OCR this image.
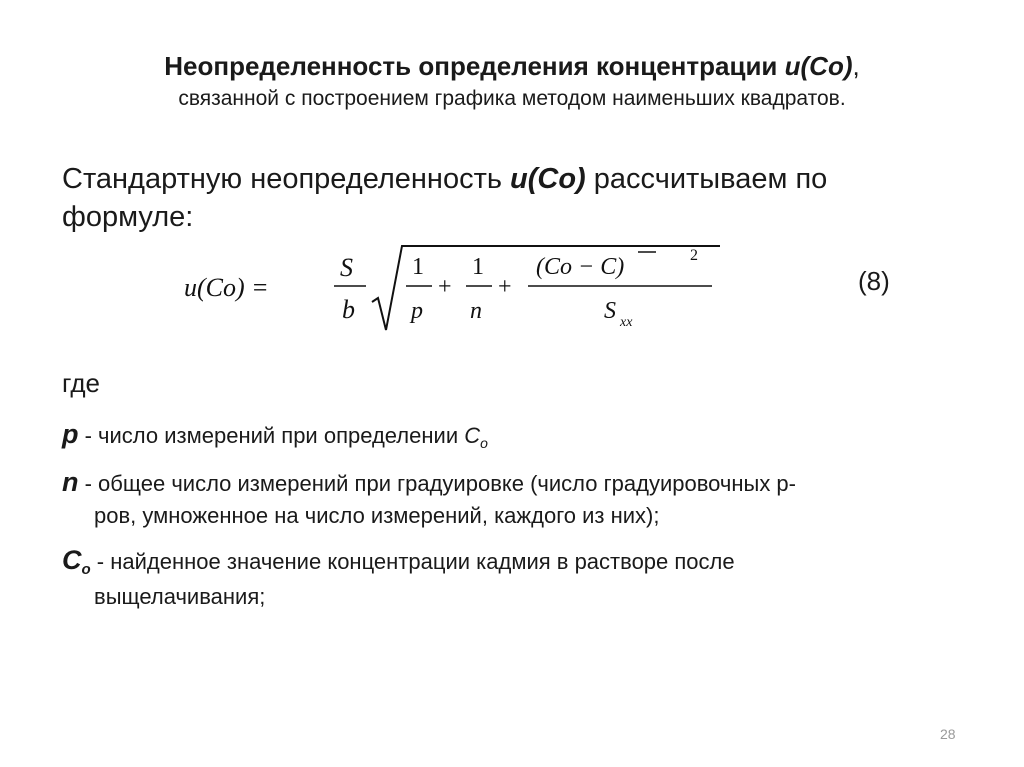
Неопределенность определения концентрации u(Co),
связанной с построением графика методом наименьших квадратов.
Стандартную неопределенность u(Co) рассчитываем по формуле:
u(Co) =
S
b
1
p
+
1
n
+
(Co − C)	2
S xx
(8)
где
p - число измерений при определении $C_o$
n - общее число измерений при градуировке (число градуировочных р-
ров, умноженное на число измерений, каждого из них);
$C_o$ - найденное значение концентрации кадмия в растворе после
выщелачивания;
28
